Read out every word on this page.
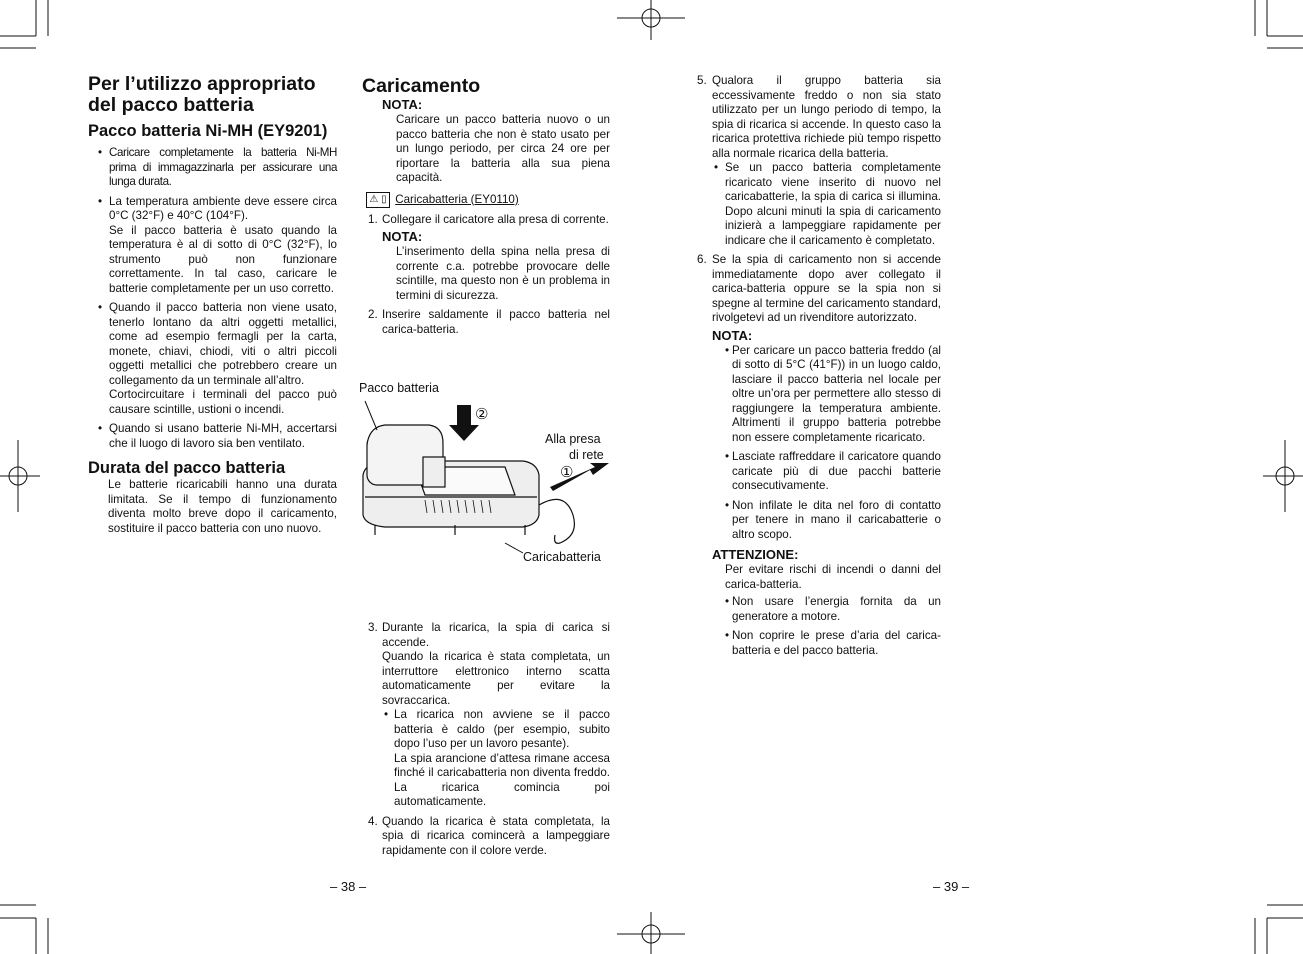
Per l’utilizzo appropriato del pacco batteria
Pacco batteria Ni-MH (EY9201)
• Caricare completamente la batteria Ni-MH prima di immagazzinarla per assicurare una lunga durata.
• La temperatura ambiente deve essere circa 0°C (32°F) e 40°C (104°F).
Se il pacco batteria è usato quando la temperatura è al di sotto di 0°C (32°F), lo strumento può non funzionare correttamente. In tal caso, caricare le batterie completamente per un uso corretto.
• Quando il pacco batteria non viene usato, tenerlo lontano da altri oggetti metallici, come ad esempio fermagli per la carta, monete, chiavi, chiodi, viti o altri piccoli oggetti metallici che potrebbero creare un collegamento da un terminale all’altro.
Cortocircuitare i terminali del pacco può causare scintille, ustioni o incendi.
• Quando si usano batterie Ni-MH, accertarsi che il luogo di lavoro sia ben ventilato.
Durata del pacco batteria
Le batterie ricaricabili hanno una durata limitata. Se il tempo di funzionamento diventa molto breve dopo il caricamento, sostituire il pacco batteria con uno nuovo.
Caricamento
NOTA:
Caricare un pacco batteria nuovo o un pacco batteria che non è stato usato per un lungo periodo, per circa 24 ore per riportare la batteria alla sua piena capacità.
⚠ ▯ Caricabatteria (EY0110)
1. Collegare il caricatore alla presa di corrente.
NOTA:
L’inserimento della spina nella presa di corrente c.a. potrebbe provocare delle scintille, ma questo non è un problema in termini di sicurezza.
2. Inserire saldamente il pacco batteria nel carica-batteria.
Pacco batteria
②
Alla presa
di rete
①
Caricabatteria
3. Durante la ricarica, la spia di carica si accende.
Quando la ricarica è stata completata, un interruttore elettronico interno scatta automaticamente per evitare la sovraccarica.
• La ricarica non avviene se il pacco batteria è caldo (per esempio, subito dopo l’uso per un lavoro pesante).
La spia arancione d’attesa rimane accesa finché il caricabatteria non diventa freddo. La ricarica comincia poi automaticamente.
4. Quando la ricarica è stata completata, la spia di ricarica comincerà a lampeggiare rapidamente con il colore verde.
– 38 –
5. Qualora il gruppo batteria sia eccessivamente freddo o non sia stato utilizzato per un lungo periodo di tempo, la spia di ricarica si accende. In questo caso la ricarica protettiva richiede più tempo rispetto alla normale ricarica della batteria.
• Se un pacco batteria completamente ricaricato viene inserito di nuovo nel caricabatterie, la spia di carica si illumina. Dopo alcuni minuti la spia di caricamento inizierà a lampeggiare rapidamente per indicare che il caricamento è completato.
6. Se la spia di caricamento non si accende immediatamente dopo aver collegato il carica-batteria oppure se la spia non si spegne al termine del caricamento standard, rivolgetevi ad un rivenditore autorizzato.
NOTA:
• Per caricare un pacco batteria freddo (al di sotto di 5°C (41°F)) in un luogo caldo, lasciare il pacco batteria nel locale per oltre un’ora per permettere allo stesso di raggiungere la temperatura ambiente. Altrimenti il gruppo batteria potrebbe non essere completamente ricaricato.
• Lasciate raffreddare il caricatore quando caricate più di due pacchi batterie consecutivamente.
• Non infilate le dita nel foro di contatto per tenere in mano il caricabatterie o altro scopo.
ATTENZIONE:
Per evitare rischi di incendi o danni del carica-batteria.
• Non usare l’energia fornita da un generatore a motore.
• Non coprire le prese d’aria del carica-batteria e del pacco batteria.
– 39 –
